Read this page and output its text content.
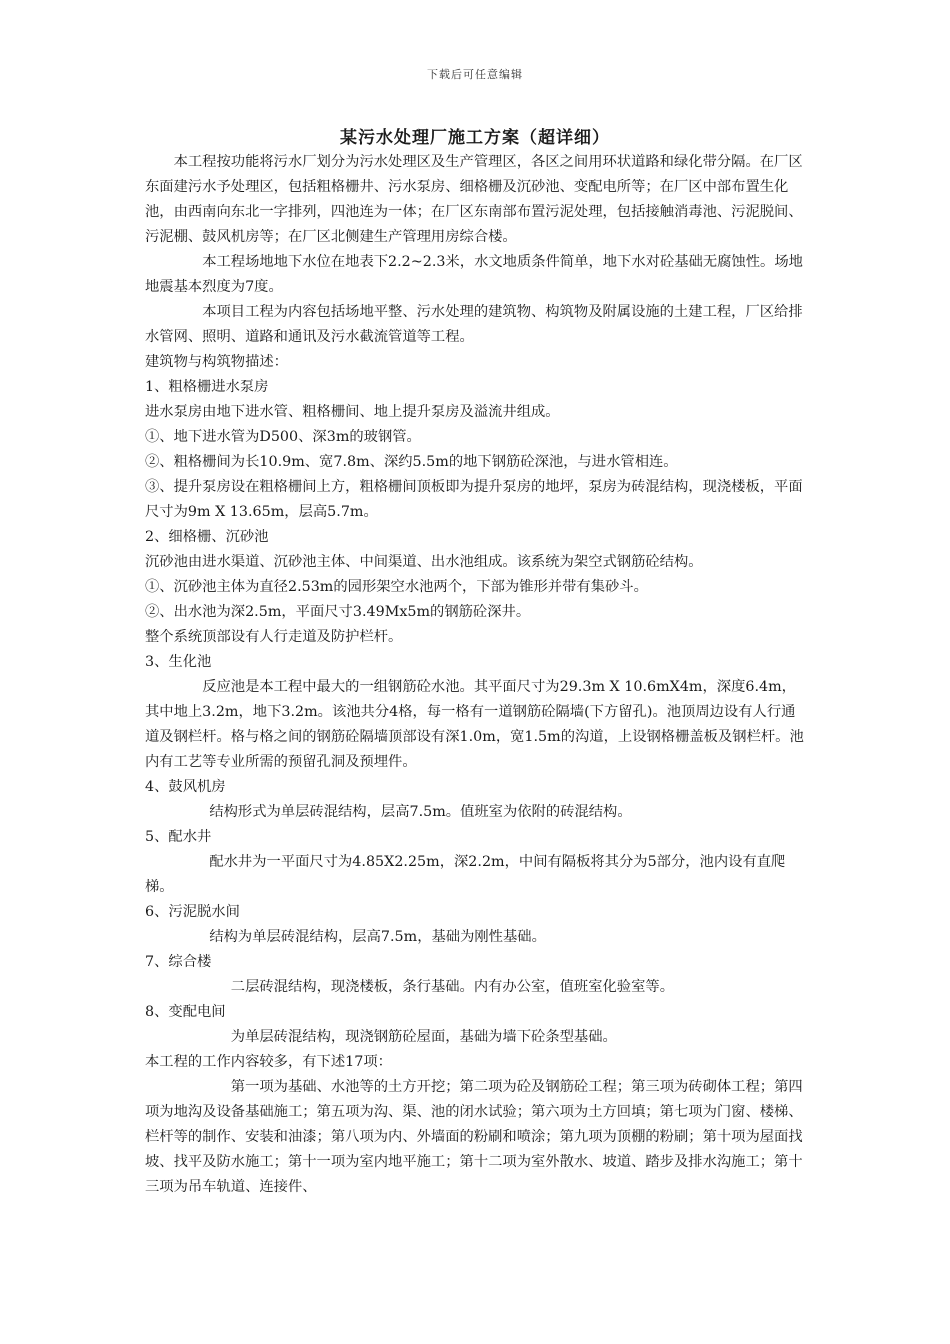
下载后可任意编辑
某污水处理厂施工方案（超详细）

本工程按功能将污水厂划分为污水处理区及生产管理区，各区之间用环状道路和绿化带分隔。在厂区东面建污水予处理区，包括粗格栅井、污水泵房、细格栅及沉砂池、变配电所等；在厂区中部布置生化池，由西南向东北一字排列，四池连为一体；在厂区东南部布置污泥处理，包括接触消毒池、污泥脱间、污泥棚、鼓风机房等；在厂区北侧建生产管理用房综合楼。

本工程场地地下水位在地表下2.2~2.3米，水文地质条件简单，地下水对砼基础无腐蚀性。场地地震基本烈度为7度。

本项目工程为内容包括场地平整、污水处理的建筑物、构筑物及附属设施的土建工程，厂区给排水管网、照明、道路和通讯及污水截流管道等工程。

建筑物与构筑物描述：

1、粗格栅进水泵房

进水泵房由地下进水管、粗格栅间、地上提升泵房及溢流井组成。

①、地下进水管为D500、深3m的玻钢管。

②、粗格栅间为长10.9m、宽7.8m、深约5.5m的地下钢筋砼深池，与进水管相连。

③、提升泵房设在粗格栅间上方，粗格栅间顶板即为提升泵房的地坪，泵房为砖混结构，现浇楼板，平面尺寸为9m X 13.65m，层高5.7m。

2、细格栅、沉砂池

沉砂池由进水渠道、沉砂池主体、中间渠道、出水池组成。该系统为架空式钢筋砼结构。

①、沉砂池主体为直径2.53m的园形架空水池两个，下部为锥形并带有集砂斗。

②、出水池为深2.5m，平面尺寸3.49Mx5m的钢筋砼深井。

整个系统顶部设有人行走道及防护栏杆。

3、生化池

反应池是本工程中最大的一组钢筋砼水池。其平面尺寸为29.3m X 10.6mX4m，深度6.4m， 其中地上3.2m，地下3.2m。该池共分4格，每一格有一道钢筋砼隔墙(下方留孔)。池顶周边设有人行通道及钢栏杆。格与格之间的钢筋砼隔墙顶部设有深1.0m，宽1.5m的沟道，上设钢格栅盖板及钢栏杆。池内有工艺等专业所需的预留孔洞及预埋件。

4、鼓风机房

结构形式为单层砖混结构，层高7.5m。值班室为依附的砖混结构。

5、配水井

配水井为一平面尺寸为4.85X2.25m，深2.2m，中间有隔板将其分为5部分，池内设有直爬梯。

6、污泥脱水间

结构为单层砖混结构，层高7.5m，基础为刚性基础。

7、综合楼

二层砖混结构，现浇楼板，条行基础。内有办公室，值班室化验室等。

8、变配电间

为单层砖混结构，现浇钢筋砼屋面，基础为墙下砼条型基础。

本工程的工作内容较多，有下述17项：

第一项为基础、水池等的土方开挖；第二项为砼及钢筋砼工程；第三项为砖砌体工程；第四项为地沟及设备基础施工；第五项为沟、渠、池的闭水试验；第六项为土方回填；第七项为门窗、楼梯、栏杆等的制作、安装和油漆；第八项为内、外墙面的粉刷和喷涂；第九项为顶棚的粉刷；第十项为屋面找坡、找平及防水施工；第十一项为室内地平施工；第十二项为室外散水、坡道、踏步及排水沟施工；第十三项为吊车轨道、连接件、
